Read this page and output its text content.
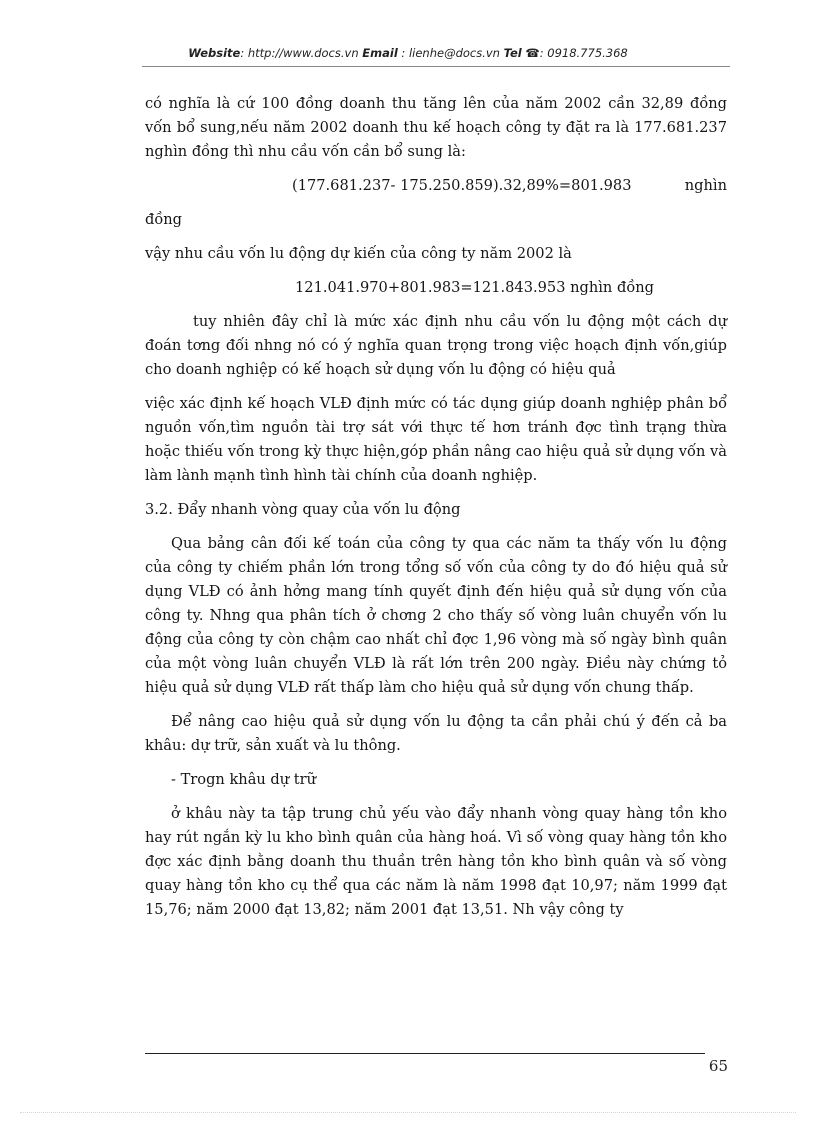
Website: http://www.docs.vn Email : lienhe@docs.vn Tel ☎: 0918.775.368

có nghĩa là cứ 100 đồng doanh thu tăng lên của năm 2002 cần 32,89 đồng vốn bổ sung,nếu năm 2002 doanh thu kế hoạch công ty đặt ra là 177.681.237 nghìn đồng thì nhu cầu vốn cần bổ sung là:

(177.681.237- 175.250.859).32,89%=801.983	nghìn

đồng

vậy nhu cầu vốn lu động dự kiến của công ty năm 2002 là

121.041.970+801.983=121.843.953 nghìn đồng

tuy nhiên đây chỉ là mức xác định nhu cầu vốn lu động một cách dự đoán tơng đối nhng nó có ý nghĩa quan trọng trong việc hoạch định vốn,giúp cho doanh nghiệp có kế hoạch sử dụng vốn lu động có hiệu quả

việc xác định kế hoạch VLĐ định mức có tác dụng giúp doanh nghiệp phân bổ nguồn vốn,tìm nguồn tài trợ sát với thực tế hơn tránh đợc tình trạng thừa hoặc thiếu vốn trong kỳ thực hiện,góp phần nâng cao hiệu quả sử dụng vốn và làm lành mạnh tình hình tài chính của doanh nghiệp.

3.2. Đẩy nhanh vòng quay của vốn lu động

Qua bảng cân đối kế toán của công ty qua các năm ta thấy vốn lu động của công ty chiếm phần lớn trong tổng số vốn của công ty do đó hiệu quả sử dụng VLĐ có ảnh hởng mang tính quyết định đến hiệu quả sử dụng vốn của công ty. Nhng qua phân tích ở chơng 2 cho thấy số vòng luân chuyển vốn lu động của công ty còn chậm cao nhất chỉ đợc 1,96 vòng mà số ngày bình quân của một vòng luân chuyển VLĐ là rất lớn trên 200 ngày. Điều này chứng tỏ hiệu quả sử dụng VLĐ rất thấp làm cho hiệu quả sử dụng vốn chung thấp.

Để nâng cao hiệu quả sử dụng vốn lu động ta cần phải chú ý đến cả ba khâu: dự trữ, sản xuất và lu thông.

- Trogn khâu dự trữ

ở khâu này ta tập trung chủ yếu vào đẩy nhanh vòng quay hàng tồn kho hay rút ngắn kỳ lu kho bình quân của hàng hoá. Vì số vòng quay hàng tồn kho đợc xác định bằng doanh thu thuần trên hàng tồn kho bình quân và số vòng quay hàng tồn kho cụ thể qua các năm là năm 1998 đạt 10,97; năm 1999 đạt 15,76; năm 2000 đạt 13,82; năm 2001 đạt 13,51. Nh vậy công ty

65
